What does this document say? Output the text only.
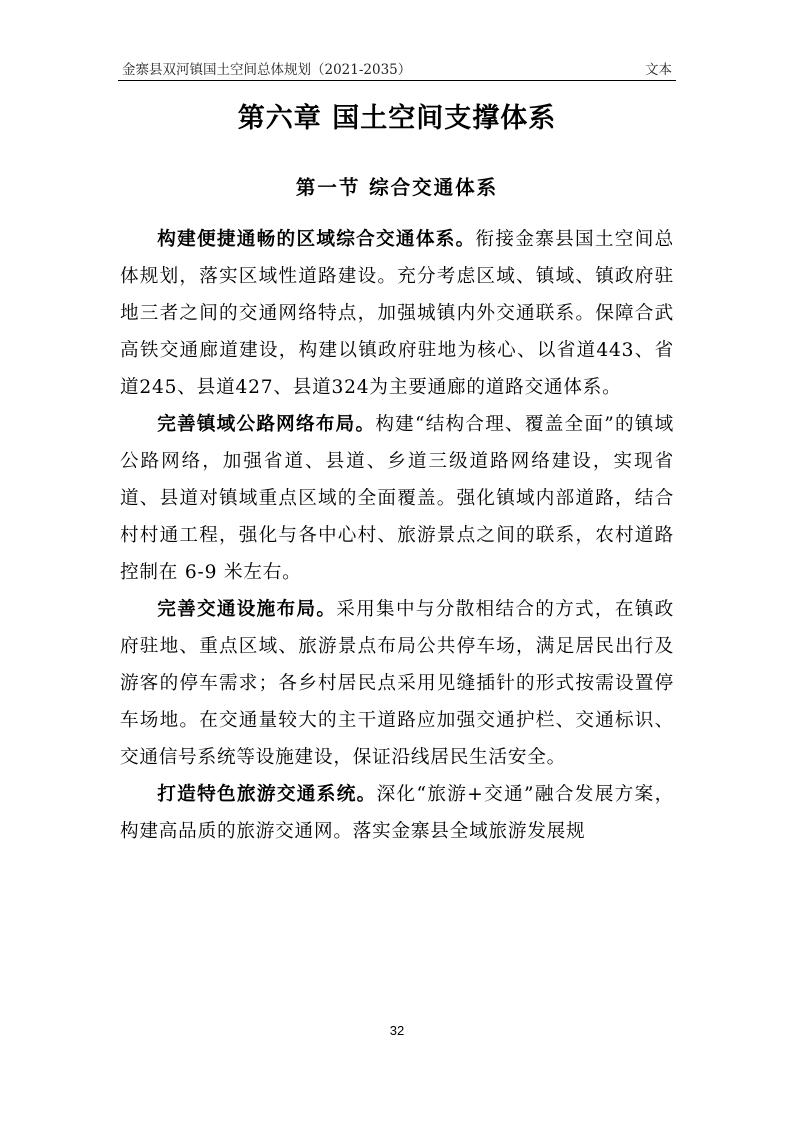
金寨县双河镇国土空间总体规划（2021-2035）	文本
第六章 国土空间支撑体系
第一节 综合交通体系

构建便捷通畅的区域综合交通体系。衔接金寨县国土空间总体规划，落实区域性道路建设。充分考虑区域、镇域、镇政府驻地三者之间的交通网络特点，加强城镇内外交通联系。保障合武高铁交通廊道建设，构建以镇政府驻地为核心、以省道443、省道245、县道427、县道324为主要通廊的道路交通体系。

完善镇域公路网络布局。构建“结构合理、覆盖全面”的镇域公路网络，加强省道、县道、乡道三级道路网络建设，实现省道、县道对镇域重点区域的全面覆盖。强化镇域内部道路，结合村村通工程，强化与各中心村、旅游景点之间的联系，农村道路控制在 6-9 米左右。

完善交通设施布局。采用集中与分散相结合的方式，在镇政府驻地、重点区域、旅游景点布局公共停车场，满足居民出行及游客的停车需求；各乡村居民点采用见缝插针的形式按需设置停车场地。在交通量较大的主干道路应加强交通护栏、交通标识、交通信号系统等设施建设，保证沿线居民生活安全。

打造特色旅游交通系统。深化“旅游+交通”融合发展方案，构建高品质的旅游交通网。落实金寨县全域旅游发展规

32
